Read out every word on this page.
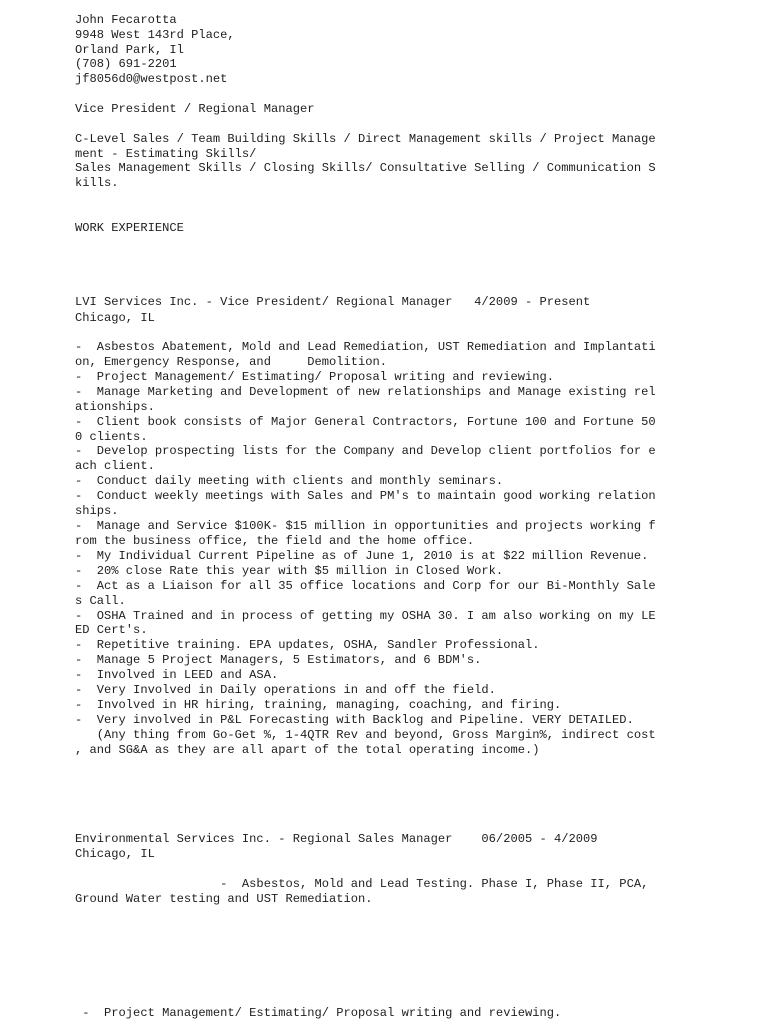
John Fecarotta
9948 West 143rd Place,
Orland Park, Il
(708) 691-2201
jf8056d0@westpost.net
Vice President / Regional Manager
C-Level Sales / Team Building Skills / Direct Management skills / Project Manage
ment - Estimating Skills/
Sales Management Skills / Closing Skills/ Consultative Selling / Communication S
kills.
WORK EXPERIENCE
LVI Services Inc. - Vice President/ Regional Manager   4/2009 - Present
Chicago, IL
-  Asbestos Abatement, Mold and Lead Remediation, UST Remediation and Implantati
on, Emergency Response, and     Demolition.
-  Project Management/ Estimating/ Proposal writing and reviewing.
-  Manage Marketing and Development of new relationships and Manage existing rel
ationships.
-  Client book consists of Major General Contractors, Fortune 100 and Fortune 50
0 clients.
-  Develop prospecting lists for the Company and Develop client portfolios for e
ach client.
-  Conduct daily meeting with clients and monthly seminars.
-  Conduct weekly meetings with Sales and PM's to maintain good working relation
ships.
-  Manage and Service $100K- $15 million in opportunities and projects working f
rom the business office, the field and the home office.
-  My Individual Current Pipeline as of June 1, 2010 is at $22 million Revenue.
-  20% close Rate this year with $5 million in Closed Work.
-  Act as a Liaison for all 35 office locations and Corp for our Bi-Monthly Sale
s Call.
-  OSHA Trained and in process of getting my OSHA 30. I am also working on my LE
ED Cert's.
-  Repetitive training. EPA updates, OSHA, Sandler Professional.
-  Manage 5 Project Managers, 5 Estimators, and 6 BDM's.
-  Involved in LEED and ASA.
-  Very Involved in Daily operations in and off the field.
-  Involved in HR hiring, training, managing, coaching, and firing.
-  Very involved in P&L Forecasting with Backlog and Pipeline. VERY DETAILED.
(Any thing from Go-Get %, 1-4QTR Rev and beyond, Gross Margin%, indirect cost
, and SG&A as they are all apart of the total operating income.)
Environmental Services Inc. - Regional Sales Manager    06/2005 - 4/2009
Chicago, IL
-  Asbestos, Mold and Lead Testing. Phase I, Phase II, PCA,
Ground Water testing and UST Remediation.
-  Project Management/ Estimating/ Proposal writing and reviewing.
